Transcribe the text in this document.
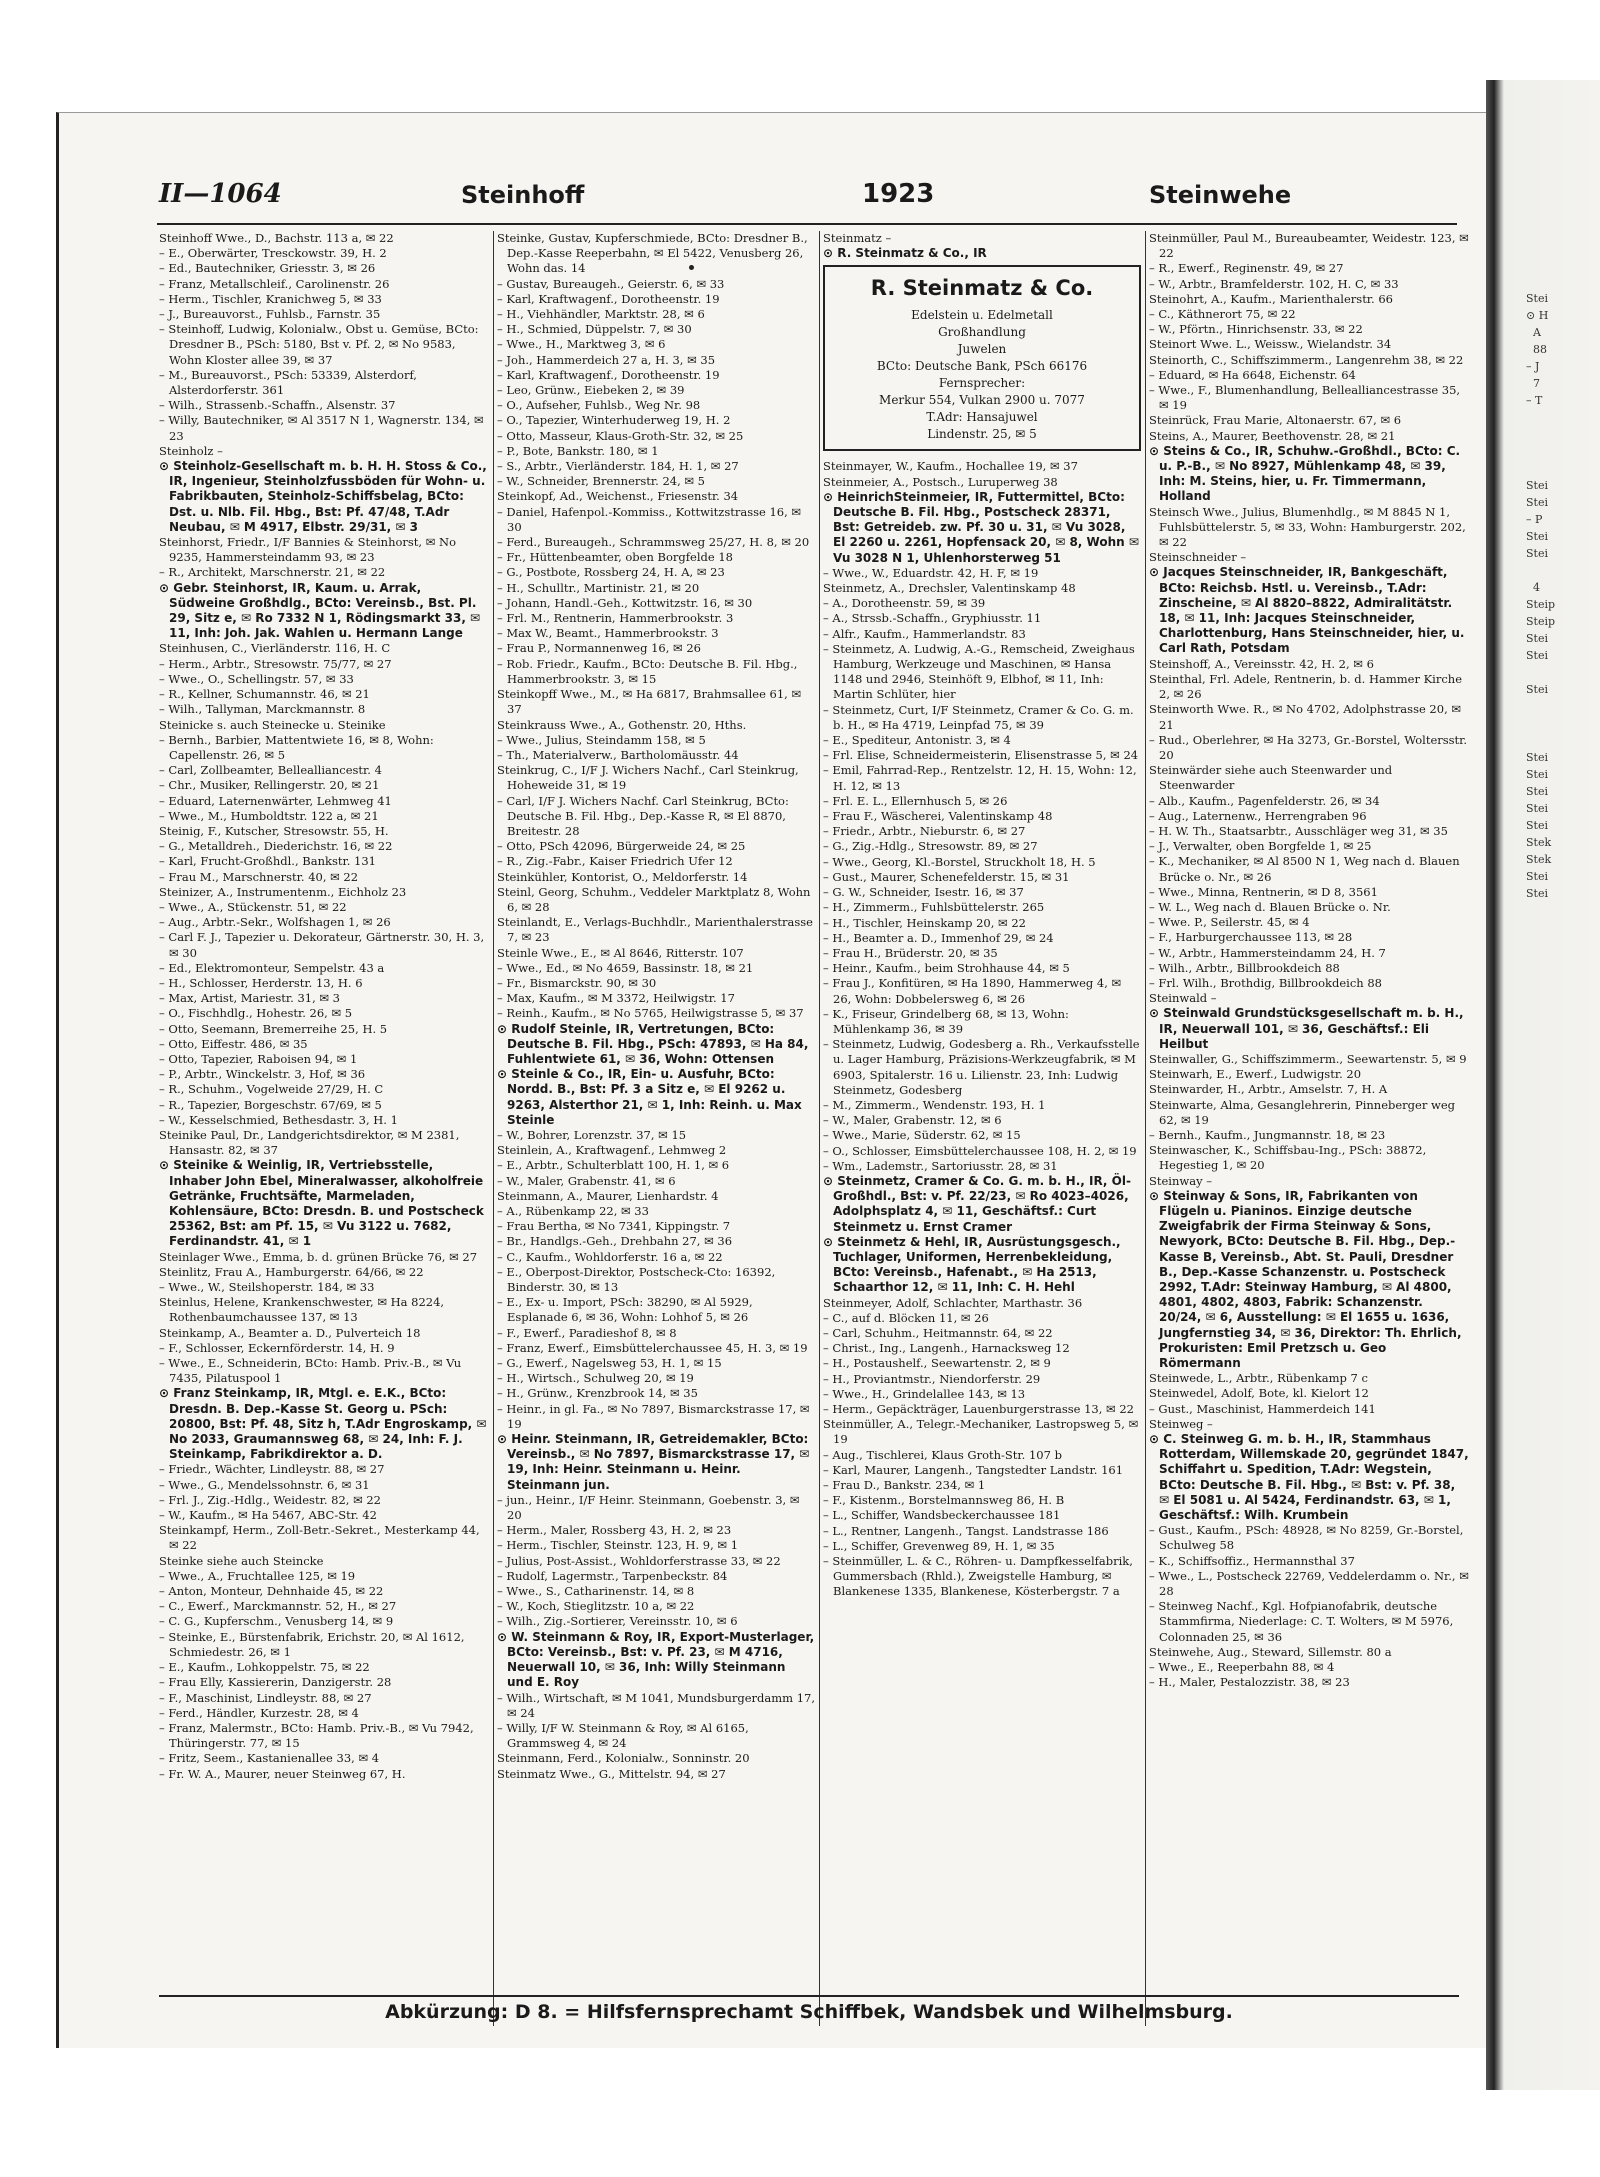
II—1064	Steinhoff	1923	Steinwehe

Steinhoff Wwe., D., Bachstr. 113 a, ✉ 22

– E., Oberwärter, Tresckowstr. 39, H. 2

– Ed., Bautechniker, Griesstr. 3, ✉ 26

– Franz, Metallschleif., Carolinenstr. 26

– Herm., Tischler, Kranichweg 5, ✉ 33

– J., Bureauvorst., Fuhlsb., Farnstr. 35

– Steinhoff, Ludwig, Kolonialw., Obst u. Gemüse, BCto: Dresdner B., PSch: 5180, Bst v. Pf. 2, ✉ No 9583, Wohn Kloster allee 39, ✉ 37

– M., Bureauvorst., PSch: 53339, Alsterdorf, Alsterdorferstr. 361

– Wilh., Strassenb.-Schaffn., Alsenstr. 37

– Willy, Bautechniker, ✉ Al 3517 N 1, Wagnerstr. 134, ✉ 23

Steinholz –

⊙ Steinholz-Gesellschaft m. b. H. H. Stoss & Co., IR, Ingenieur, Steinholzfussböden für Wohn- u. Fabrikbauten, Steinholz-Schiffsbelag, BCto: Dst. u. Nlb. Fil. Hbg., Bst: Pf. 47/48, T.Adr Neubau, ✉ M 4917, Elbstr. 29/31, ✉ 3

Steinhorst, Friedr., I/F Bannies & Steinhorst, ✉ No 9235, Hammersteindamm 93, ✉ 23

– R., Architekt, Marschnerstr. 21, ✉ 22

⊙ Gebr. Steinhorst, IR, Kaum. u. Arrak, Südweine Großhdlg., BCto: Vereinsb., Bst. Pl. 29, Sitz e, ✉ Ro 7332 N 1, Rödingsmarkt 33, ✉ 11, Inh: Joh. Jak. Wahlen u. Hermann Lange

Steinhusen, C., Vierländerstr. 116, H. C

– Herm., Arbtr., Stresowstr. 75/77, ✉ 27

– Wwe., O., Schellingstr. 57, ✉ 33

– R., Kellner, Schumannstr. 46, ✉ 21

– Wilh., Tallyman, Marckmannstr. 8

Steinicke s. auch Steinecke u. Steinike

– Bernh., Barbier, Mattentwiete 16, ✉ 8, Wohn: Capellenstr. 26, ✉ 5

– Carl, Zollbeamter, Bellealliancestr. 4

– Chr., Musiker, Rellingerstr. 20, ✉ 21

– Eduard, Laternenwärter, Lehmweg 41

– Wwe., M., Humboldtstr. 122 a, ✉ 21

Steinig, F., Kutscher, Stresowstr. 55, H.

– G., Metalldreh., Diederichstr. 16, ✉ 22

– Karl, Frucht-Großhdl., Bankstr. 131

– Frau M., Marschnerstr. 40, ✉ 22

Steinizer, A., Instrumentenm., Eichholz 23

– Wwe., A., Stückenstr. 51, ✉ 22

– Aug., Arbtr.-Sekr., Wolfshagen 1, ✉ 26

– Carl F. J., Tapezier u. Dekorateur, Gärtnerstr. 30, H. 3, ✉ 30

– Ed., Elektromonteur, Sempelstr. 43 a

– H., Schlosser, Herderstr. 13, H. 6

– Max, Artist, Mariestr. 31, ✉ 3

– O., Fischhdlg., Hohestr. 26, ✉ 5

– Otto, Seemann, Bremerreihe 25, H. 5

– Otto, Eiffestr. 486, ✉ 35

– Otto, Tapezier, Raboisen 94, ✉ 1

– P., Arbtr., Winckelstr. 3, Hof, ✉ 36

– R., Schuhm., Vogelweide 27/29, H. C

– R., Tapezier, Borgeschstr. 67/69, ✉ 5

– W., Kesselschmied, Bethesdastr. 3, H. 1

Steinike Paul, Dr., Landgerichtsdirektor, ✉ M 2381, Hansastr. 82, ✉ 37

⊙ Steinike & Weinlig, IR, Vertriebsstelle, Inhaber John Ebel, Mineralwasser, alkoholfreie Getränke, Fruchtsäfte, Marmeladen, Kohlensäure, BCto: Dresdn. B. und Postscheck 25362, Bst: am Pf. 15, ✉ Vu 3122 u. 7682, Ferdinandstr. 41, ✉ 1

Steinlager Wwe., Emma, b. d. grünen Brücke 76, ✉ 27

Steinlitz, Frau A., Hamburgerstr. 64/66, ✉ 22

– Wwe., W., Steilshoperstr. 184, ✉ 33

Steinlus, Helene, Krankenschwester, ✉ Ha 8224, Rothenbaumchaussee 137, ✉ 13

Steinkamp, A., Beamter a. D., Pulverteich 18

– F., Schlosser, Eckernförderstr. 14, H. 9

– Wwe., E., Schneiderin, BCto: Hamb. Priv.-B., ✉ Vu 7435, Pilatuspool 1

⊙ Franz Steinkamp, IR, Mtgl. e. E.K., BCto: Dresdn. B. Dep.-Kasse St. Georg u. PSch: 20800, Bst: Pf. 48, Sitz h, T.Adr Engroskamp, ✉ No 2033, Graumannsweg 68, ✉ 24, Inh: F. J. Steinkamp, Fabrikdirektor a. D.

– Friedr., Wächter, Lindleystr. 88, ✉ 27

– Wwe., G., Mendelssohnstr. 6, ✉ 31

– Frl. J., Zig.-Hdlg., Weidestr. 82, ✉ 22

– W., Kaufm., ✉ Ha 5467, ABC-Str. 42

Steinkampf, Herm., Zoll-Betr.-Sekret., Mesterkamp 44, ✉ 22

Steinke siehe auch Steincke

– Wwe., A., Fruchtallee 125, ✉ 19

– Anton, Monteur, Dehnhaide 45, ✉ 22

– C., Ewerf., Marckmannstr. 52, H., ✉ 27

– C. G., Kupferschm., Venusberg 14, ✉ 9

– Steinke, E., Bürstenfabrik, Erichstr. 20, ✉ Al 1612, Schmiedestr. 26, ✉ 1

– E., Kaufm., Lohkoppelstr. 75, ✉ 22

– Frau Elly, Kassiererin, Danzigerstr. 28

– F., Maschinist, Lindleystr. 88, ✉ 27

– Ferd., Händler, Kurzestr. 28, ✉ 4

– Franz, Malermstr., BCto: Hamb. Priv.-B., ✉ Vu 7942, Thüringerstr. 77, ✉ 15

– Fritz, Seem., Kastanienallee 33, ✉ 4

– Fr. W. A., Maurer, neuer Steinweg 67, H.

Steinke, Gustav, Kupferschmiede, BCto: Dresdner B., Dep.-Kasse Reeperbahn, ✉ El 5422, Venusberg 26, Wohn das. 14

– Gustav, Bureaugeh., Geierstr. 6, ✉ 33

– Karl, Kraftwagenf., Dorotheenstr. 19

– H., Viehhändler, Marktstr. 28, ✉ 6

– H., Schmied, Düppelstr. 7, ✉ 30

– Wwe., H., Marktweg 3, ✉ 6

– Joh., Hammerdeich 27 a, H. 3, ✉ 35

– Karl, Kraftwagenf., Dorotheenstr. 19

– Leo, Grünw., Eiebeken 2, ✉ 39

– O., Aufseher, Fuhlsb., Weg Nr. 98

– O., Tapezier, Winterhuderweg 19, H. 2

– Otto, Masseur, Klaus-Groth-Str. 32, ✉ 25

– P., Bote, Bankstr. 180, ✉ 1

– S., Arbtr., Vierländerstr. 184, H. 1, ✉ 27

– W., Schneider, Brennerstr. 24, ✉ 5

Steinkopf, Ad., Weichenst., Friesenstr. 34

– Daniel, Hafenpol.-Kommiss., Kottwitzstrasse 16, ✉ 30

– Ferd., Bureaugeh., Schrammsweg 25/27, H. 8, ✉ 20

– Fr., Hüttenbeamter, oben Borgfelde 18

– G., Postbote, Rossberg 24, H. A, ✉ 23

– H., Schulltr., Martinistr. 21, ✉ 20

– Johann, Handl.-Geh., Kottwitzstr. 16, ✉ 30

– Frl. M., Rentnerin, Hammerbrookstr. 3

– Max W., Beamt., Hammerbrookstr. 3

– Frau P., Normannenweg 16, ✉ 26

– Rob. Friedr., Kaufm., BCto: Deutsche B. Fil. Hbg., Hammerbrookstr. 3, ✉ 15

Steinkopff Wwe., M., ✉ Ha 6817, Brahmsallee 61, ✉ 37

Steinkrauss Wwe., A., Gothenstr. 20, Hths.

– Wwe., Julius, Steindamm 158, ✉ 5

– Th., Materialverw., Bartholomäusstr. 44

Steinkrug, C., I/F J. Wichers Nachf., Carl Steinkrug, Hoheweide 31, ✉ 19

– Carl, I/F J. Wichers Nachf. Carl Steinkrug, BCto: Deutsche B. Fil. Hbg., Dep.-Kasse R, ✉ El 8870, Breitestr. 28

– Otto, PSch 42096, Bürgerweide 24, ✉ 25

– R., Zig.-Fabr., Kaiser Friedrich Ufer 12

Steinkühler, Kontorist, O., Meldorferstr. 14

Steinl, Georg, Schuhm., Veddeler Marktplatz 8, Wohn 6, ✉ 28

Steinlandt, E., Verlags-Buchhdlr., Marienthalerstrasse 7, ✉ 23

Steinle Wwe., E., ✉ Al 8646, Ritterstr. 107

– Wwe., Ed., ✉ No 4659, Bassinstr. 18, ✉ 21

– Fr., Bismarckstr. 90, ✉ 30

– Max, Kaufm., ✉ M 3372, Heilwigstr. 17

– Reinh., Kaufm., ✉ No 5765, Heilwigstrasse 5, ✉ 37

⊙ Rudolf Steinle, IR, Vertretungen, BCto: Deutsche B. Fil. Hbg., PSch: 47893, ✉ Ha 84, Fuhlentwiete 61, ✉ 36, Wohn: Ottensen

⊙ Steinle & Co., IR, Ein- u. Ausfuhr, BCto: Nordd. B., Bst: Pf. 3 a Sitz e, ✉ El 9262 u. 9263, Alsterthor 21, ✉ 1, Inh: Reinh. u. Max Steinle

– W., Bohrer, Lorenzstr. 37, ✉ 15

Steinlein, A., Kraftwagenf., Lehmweg 2

– E., Arbtr., Schulterblatt 100, H. 1, ✉ 6

– W., Maler, Grabenstr. 41, ✉ 6

Steinmann, A., Maurer, Lienhardstr. 4

– A., Rübenkamp 22, ✉ 33

– Frau Bertha, ✉ No 7341, Kippingstr. 7

– Br., Handlgs.-Geh., Drehbahn 27, ✉ 36

– C., Kaufm., Wohldorferstr. 16 a, ✉ 22

– E., Oberpost-Direktor, Postscheck-Cto: 16392, Binderstr. 30, ✉ 13

– E., Ex- u. Import, PSch: 38290, ✉ Al 5929, Esplanade 6, ✉ 36, Wohn: Lohhof 5, ✉ 26

– F., Ewerf., Paradieshof 8, ✉ 8

– Franz, Ewerf., Eimsbüttelerchaussee 45, H. 3, ✉ 19

– G., Ewerf., Nagelsweg 53, H. 1, ✉ 15

– H., Wirtsch., Schulweg 20, ✉ 19

– H., Grünw., Krenzbrook 14, ✉ 35

– Heinr., in gl. Fa., ✉ No 7897, Bismarckstrasse 17, ✉ 19

⊙ Heinr. Steinmann, IR, Getreidemakler, BCto: Vereinsb., ✉ No 7897, Bismarckstrasse 17, ✉ 19, Inh: Heinr. Steinmann u. Heinr. Steinmann jun.

– jun., Heinr., I/F Heinr. Steinmann, Goebenstr. 3, ✉ 20

– Herm., Maler, Rossberg 43, H. 2, ✉ 23

– Herm., Tischler, Steinstr. 123, H. 9, ✉ 1

– Julius, Post-Assist., Wohldorferstrasse 33, ✉ 22

– Rudolf, Lagermstr., Tarpenbeckstr. 84

– Wwe., S., Catharinenstr. 14, ✉ 8

– W., Koch, Stieglitzstr. 10 a, ✉ 22

– Wilh., Zig.-Sortierer, Vereinsstr. 10, ✉ 6

⊙ W. Steinmann & Roy, IR, Export-Musterlager, BCto: Vereinsb., Bst: v. Pf. 23, ✉ M 4716, Neuerwall 10, ✉ 36, Inh: Willy Steinmann und E. Roy

– Wilh., Wirtschaft, ✉ M 1041, Mundsburgerdamm 17, ✉ 24

– Willy, I/F W. Steinmann & Roy, ✉ Al 6165, Grammsweg 4, ✉ 24

Steinmann, Ferd., Kolonialw., Sonninstr. 20

Steinmatz Wwe., G., Mittelstr. 94, ✉ 27

Steinmatz –

⊙ R. Steinmatz & Co., IR

R. Steinmatz & Co.
Edelstein u. Edelmetall
Großhandlung
Juwelen
BCto: Deutsche Bank, PSch 66176
Fernsprecher:
Merkur 554, Vulkan 2900 u. 7077
T.Adr: Hansajuwel
Lindenstr. 25, ✉ 5

Steinmayer, W., Kaufm., Hochallee 19, ✉ 37

Steinmeier, A., Postsch., Luruperweg 38

⊙ HeinrichSteinmeier, IR, Futtermittel, BCto: Deutsche B. Fil. Hbg., Postscheck 28371, Bst: Getreideb. zw. Pf. 30 u. 31, ✉ Vu 3028, El 2260 u. 2261, Hopfensack 20, ✉ 8, Wohn ✉ Vu 3028 N 1, Uhlenhorsterweg 51

– Wwe., W., Eduardstr. 42, H. F, ✉ 19

Steinmetz, A., Drechsler, Valentinskamp 48

– A., Dorotheenstr. 59, ✉ 39

– A., Strssb.-Schaffn., Gryphiusstr. 11

– Alfr., Kaufm., Hammerlandstr. 83

– Steinmetz, A. Ludwig, A.-G., Remscheid, Zweighaus Hamburg, Werkzeuge und Maschinen, ✉ Hansa 1148 und 2946, Steinhöft 9, Elbhof, ✉ 11, Inh: Martin Schlüter, hier

– Steinmetz, Curt, I/F Steinmetz, Cramer & Co. G. m. b. H., ✉ Ha 4719, Leinpfad 75, ✉ 39

– E., Spediteur, Antonistr. 3, ✉ 4

– Frl. Elise, Schneidermeisterin, Elisenstrasse 5, ✉ 24

– Emil, Fahrrad-Rep., Rentzelstr. 12, H. 15, Wohn: 12, H. 12, ✉ 13

– Frl. E. L., Ellernhusch 5, ✉ 26

– Frau F., Wäscherei, Valentinskamp 48

– Friedr., Arbtr., Nieburstr. 6, ✉ 27

– G., Zig.-Hdlg., Stresowstr. 89, ✉ 27

– Wwe., Georg, Kl.-Borstel, Struckholt 18, H. 5

– Gust., Maurer, Schenefelderstr. 15, ✉ 31

– G. W., Schneider, Isestr. 16, ✉ 37

– H., Zimmerm., Fuhlsbüttelerstr. 265

– H., Tischler, Heinskamp 20, ✉ 22

– H., Beamter a. D., Immenhof 29, ✉ 24

– Frau H., Brüderstr. 20, ✉ 35

– Heinr., Kaufm., beim Strohhause 44, ✉ 5

– Frau J., Konfitüren, ✉ Ha 1890, Hammerweg 4, ✉ 26, Wohn: Dobbelersweg 6, ✉ 26

– K., Friseur, Grindelberg 68, ✉ 13, Wohn: Mühlenkamp 36, ✉ 39

– Steinmetz, Ludwig, Godesberg a. Rh., Verkaufsstelle u. Lager Hamburg, Präzisions-Werkzeugfabrik, ✉ M 6903, Spitalerstr. 16 u. Lilienstr. 23, Inh: Ludwig Steinmetz, Godesberg

– M., Zimmerm., Wendenstr. 193, H. 1

– W., Maler, Grabenstr. 12, ✉ 6

– Wwe., Marie, Süderstr. 62, ✉ 15

– O., Schlosser, Eimsbüttelerchaussee 108, H. 2, ✉ 19

– Wm., Lademstr., Sartoriusstr. 28, ✉ 31

⊙ Steinmetz, Cramer & Co. G. m. b. H., IR, Öl-Großhdl., Bst: v. Pf. 22/23, ✉ Ro 4023–4026, Adolphsplatz 4, ✉ 11, Geschäftsf.: Curt Steinmetz u. Ernst Cramer

⊙ Steinmetz & Hehl, IR, Ausrüstungsgesch., Tuchlager, Uniformen, Herrenbekleidung, BCto: Vereinsb., Hafenabt., ✉ Ha 2513, Schaarthor 12, ✉ 11, Inh: C. H. Hehl

Steinmeyer, Adolf, Schlachter, Marthastr. 36

– C., auf d. Blöcken 11, ✉ 26

– Carl, Schuhm., Heitmannstr. 64, ✉ 22

– Christ., Ing., Langenh., Harnacksweg 12

– H., Postaushelf., Seewartenstr. 2, ✉ 9

– H., Proviantmstr., Niendorferstr. 29

– Wwe., H., Grindelallee 143, ✉ 13

– Herm., Gepäckträger, Lauenburgerstrasse 13, ✉ 22

Steinmüller, A., Telegr.-Mechaniker, Lastropsweg 5, ✉ 19

– Aug., Tischlerei, Klaus Groth-Str. 107 b

– Karl, Maurer, Langenh., Tangstedter Landstr. 161

– Frau D., Bankstr. 234, ✉ 1

– F., Kistenm., Borstelmannsweg 86, H. B

– L., Schiffer, Wandsbeckerchaussee 181

– L., Rentner, Langenh., Tangst. Landstrasse 186

– L., Schiffer, Grevenweg 89, H. 1, ✉ 35

– Steinmüller, L. & C., Röhren- u. Dampfkesselfabrik, Gummersbach (Rhld.), Zweigstelle Hamburg, ✉ Blankenese 1335, Blankenese, Kösterbergstr. 7 a

Steinmüller, Paul M., Bureaubeamter, Weidestr. 123, ✉ 22

– R., Ewerf., Reginenstr. 49, ✉ 27

– W., Arbtr., Bramfelderstr. 102, H. C, ✉ 33

Steinohrt, A., Kaufm., Marienthalerstr. 66

– C., Käthnerort 75, ✉ 22

– W., Pförtn., Hinrichsenstr. 33, ✉ 22

Steinort Wwe. L., Weissw., Wielandstr. 34

Steinorth, C., Schiffszimmerm., Langenrehm 38, ✉ 22

– Eduard, ✉ Ha 6648, Eichenstr. 64

– Wwe., F., Blumenhandlung, Bellealliancestrasse 35, ✉ 19

Steinrück, Frau Marie, Altonaerstr. 67, ✉ 6

Steins, A., Maurer, Beethovenstr. 28, ✉ 21

⊙ Steins & Co., IR, Schuhw.-Großhdl., BCto: C. u. P.-B., ✉ No 8927, Mühlenkamp 48, ✉ 39, Inh: M. Steins, hier, u. Fr. Timmermann, Holland

Steinsch Wwe., Julius, Blumenhdlg., ✉ M 8845 N 1, Fuhlsbüttelerstr. 5, ✉ 33, Wohn: Hamburgerstr. 202, ✉ 22

Steinschneider –

⊙ Jacques Steinschneider, IR, Bankgeschäft, BCto: Reichsb. Hstl. u. Vereinsb., T.Adr: Zinscheine, ✉ Al 8820–8822, Admiralitätstr. 18, ✉ 11, Inh: Jacques Steinschneider, Charlottenburg, Hans Steinschneider, hier, u. Carl Rath, Potsdam

Steinshoff, A., Vereinsstr. 42, H. 2, ✉ 6

Steinthal, Frl. Adele, Rentnerin, b. d. Hammer Kirche 2, ✉ 26

Steinworth Wwe. R., ✉ No 4702, Adolphstrasse 20, ✉ 21

– Rud., Oberlehrer, ✉ Ha 3273, Gr.-Borstel, Woltersstr. 20

Steinwärder siehe auch Steenwarder und Steenwarder

– Alb., Kaufm., Pagenfelderstr. 26, ✉ 34

– Aug., Laternenw., Herrengraben 96

– H. W. Th., Staatsarbtr., Ausschläger weg 31, ✉ 35

– J., Verwalter, oben Borgfelde 1, ✉ 25

– K., Mechaniker, ✉ Al 8500 N 1, Weg nach d. Blauen Brücke o. Nr., ✉ 26

– Wwe., Minna, Rentnerin, ✉ D 8, 3561

– W. L., Weg nach d. Blauen Brücke o. Nr.

– Wwe. P., Seilerstr. 45, ✉ 4

– F., Harburgerchaussee 113, ✉ 28

– W., Arbtr., Hammersteindamm 24, H. 7

– Wilh., Arbtr., Billbrookdeich 88

– Frl. Wilh., Brothdig, Billbrookdeich 88

Steinwald –

⊙ Steinwald Grundstücksgesellschaft m. b. H., IR, Neuerwall 101, ✉ 36, Geschäftsf.: Eli Heilbut

Steinwaller, G., Schiffszimmerm., Seewartenstr. 5, ✉ 9

Steinwarh, E., Ewerf., Ludwigstr. 20

Steinwarder, H., Arbtr., Amselstr. 7, H. A

Steinwarte, Alma, Gesanglehrerin, Pinneberger weg 62, ✉ 19

– Bernh., Kaufm., Jungmannstr. 18, ✉ 23

Steinwascher, K., Schiffsbau-Ing., PSch: 38872, Hegestieg 1, ✉ 20

Steinway –

⊙ Steinway & Sons, IR, Fabrikanten von Flügeln u. Pianinos. Einzige deutsche Zweigfabrik der Firma Steinway & Sons, Newyork, BCto: Deutsche B. Fil. Hbg., Dep.-Kasse B, Vereinsb., Abt. St. Pauli, Dresdner B., Dep.-Kasse Schanzenstr. u. Postscheck 2992, T.Adr: Steinway Hamburg, ✉ Al 4800, 4801, 4802, 4803, Fabrik: Schanzenstr. 20/24, ✉ 6, Ausstellung: ✉ El 1655 u. 1636, Jungfernstieg 34, ✉ 36, Direktor: Th. Ehrlich, Prokuristen: Emil Pretzsch u. Geo Römermann

Steinwede, L., Arbtr., Rübenkamp 7 c

Steinwedel, Adolf, Bote, kl. Kielort 12

– Gust., Maschinist, Hammerdeich 141

Steinweg –

⊙ C. Steinweg G. m. b. H., IR, Stammhaus Rotterdam, Willemskade 20, gegründet 1847, Schiffahrt u. Spedition, T.Adr: Wegstein, BCto: Deutsche B. Fil. Hbg., ✉ Bst: v. Pf. 38, ✉ El 5081 u. Al 5424, Ferdinandstr. 63, ✉ 1, Geschäftsf.: Wilh. Krumbein

– Gust., Kaufm., PSch: 48928, ✉ No 8259, Gr.-Borstel, Schulweg 58

– K., Schiffsoffiz., Hermannsthal 37

– Wwe., L., Postscheck 22769, Veddelerdamm o. Nr., ✉ 28

– Steinweg Nachf., Kgl. Hofpianofabrik, deutsche Stammfirma, Niederlage: C. T. Wolters, ✉ M 5976, Colonnaden 25, ✉ 36

Steinwehe, Aug., Steward, Sillemstr. 80 a

– Wwe., E., Reeperbahn 88, ✉ 4

– H., Maler, Pestalozzistr. 38, ✉ 23

Abkürzung: D 8. = Hilfsfernsprechamt Schiffbek, Wandsbek und Wilhelmsburg.
Stei
⊙ H
A
88
– J
7
– T

Stei
Stei
– P
Stei
Stei

4
Steip
Steip
Stei
Stei

Stei

Stei
Stei
Stei
Stei
Stei
Stek
Stek
Stei
Stei
